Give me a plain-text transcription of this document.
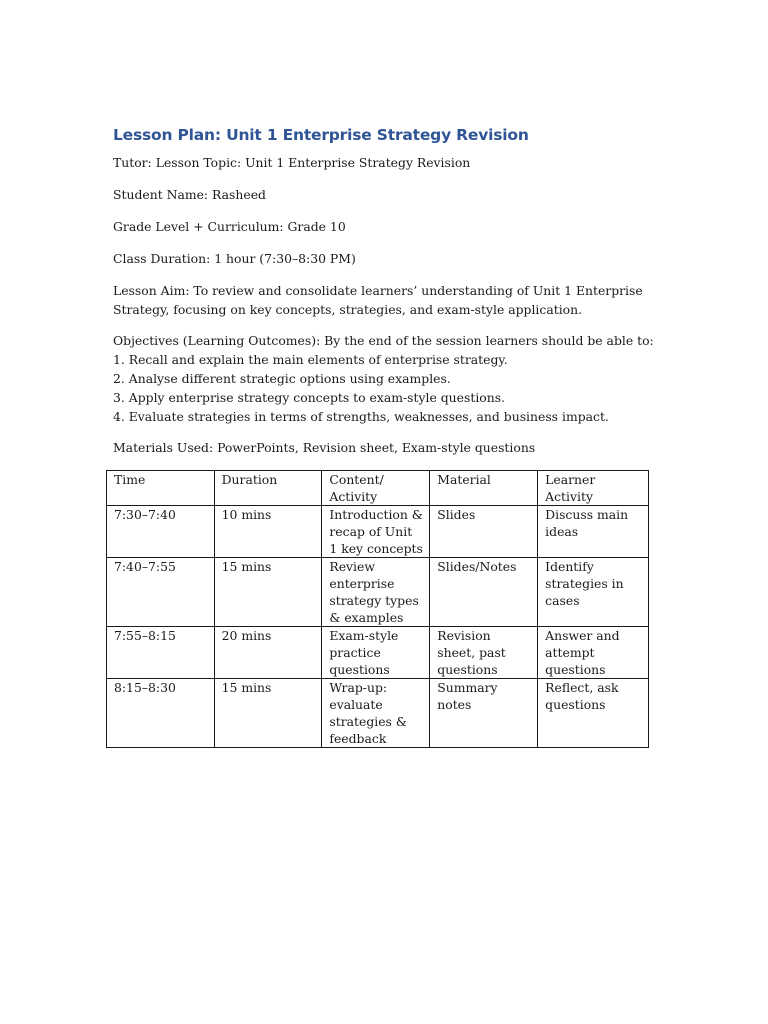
Lesson Plan: Unit 1 Enterprise Strategy Revision

Tutor: Lesson Topic: Unit 1 Enterprise Strategy Revision

Student Name: Rasheed

Grade Level + Curriculum: Grade 10

Class Duration: 1 hour (7:30–8:30 PM)

Lesson Aim: To review and consolidate learners’ understanding of Unit 1 Enterprise

Strategy, focusing on key concepts, strategies, and exam-style application.

Objectives (Learning Outcomes): By the end of the session learners should be able to:

1. Recall and explain the main elements of enterprise strategy.

2. Analyse different strategic options using examples.

3. Apply enterprise strategy concepts to exam-style questions.

4. Evaluate strategies in terms of strengths, weaknesses, and business impact.

Materials Used: PowerPoints, Revision sheet, Exam-style questions

Time	Duration	Content/ Activity	Material	Learner Activity
7:30–7:40	10 mins	Introduction & recap of Unit 1 key concepts	Slides	Discuss main ideas
7:40–7:55	15 mins	Review enterprise strategy types & examples	Slides/Notes	Identify strategies in cases
7:55–8:15	20 mins	Exam-style practice questions	Revision sheet, past questions	Answer and attempt questions
8:15–8:30	15 mins	Wrap-up: evaluate strategies & feedback	Summary notes	Reflect, ask questions
